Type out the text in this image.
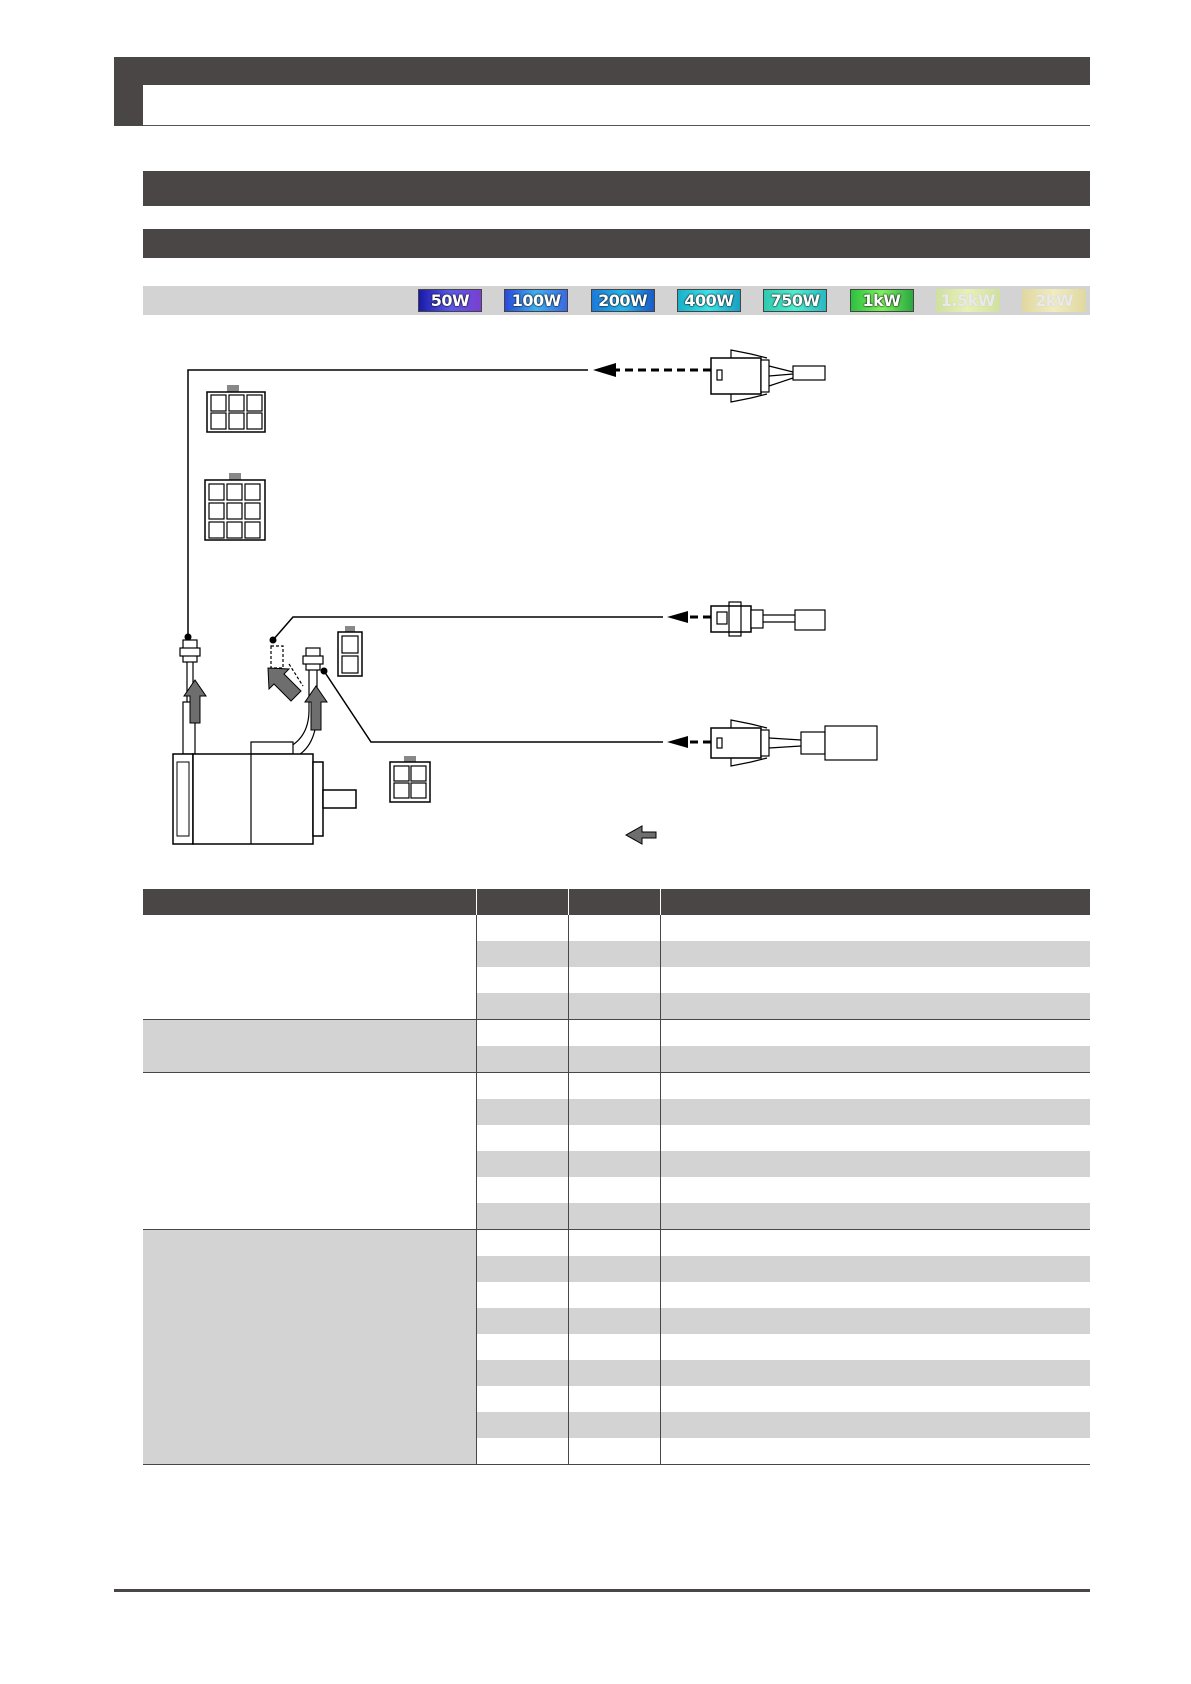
50W	100W	200W	400W	750W	1kW	1.5kW	2kW
